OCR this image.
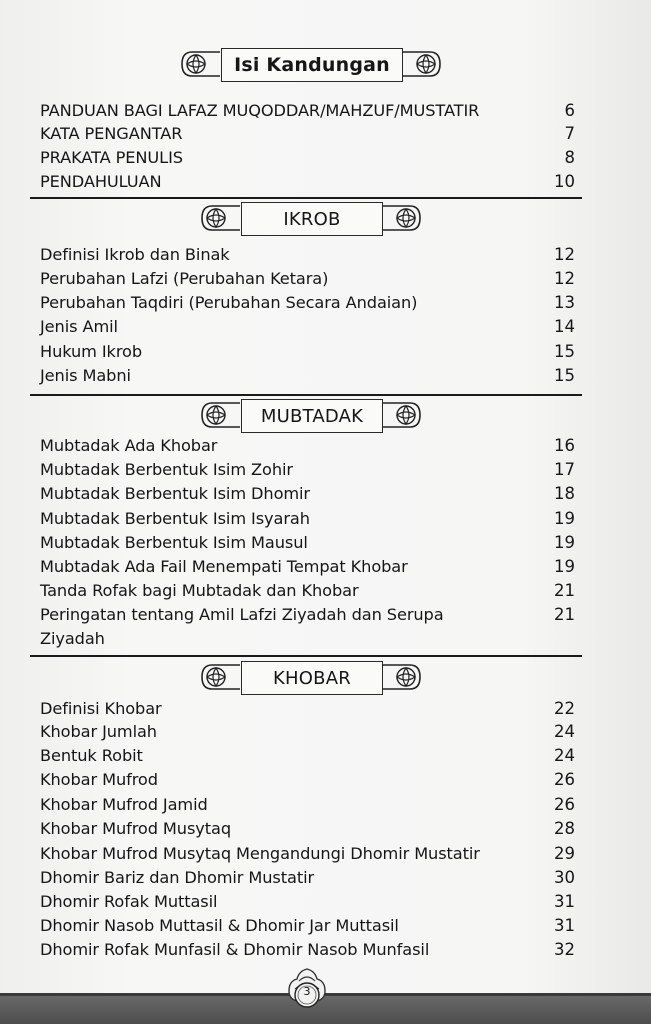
Isi Kandungan
PANDUAN BAGI LAFAZ MUQODDAR/MAHZUF/MUSTATIR	6
KATA PENGANTAR	7
PRAKATA PENULIS	8
PENDAHULUAN	10
IKROB
Definisi Ikrob dan Binak	12
Perubahan Lafzi (Perubahan Ketara)	12
Perubahan Taqdiri (Perubahan Secara Andaian)	13
Jenis Amil	14
Hukum Ikrob	15
Jenis Mabni	15
MUBTADAK
Mubtadak Ada Khobar	16
Mubtadak Berbentuk Isim Zohir	17
Mubtadak Berbentuk Isim Dhomir	18
Mubtadak Berbentuk Isim Isyarah	19
Mubtadak Berbentuk Isim Mausul	19
Mubtadak Ada Fail Menempati Tempat Khobar	19
Tanda Rofak bagi Mubtadak dan Khobar	21
Peringatan tentang Amil Lafzi Ziyadah dan Serupa	21
Ziyadah
KHOBAR
Definisi Khobar	22
Khobar Jumlah	24
Bentuk Robit	24
Khobar Mufrod	26
Khobar Mufrod Jamid	26
Khobar Mufrod Musytaq	28
Khobar Mufrod Musytaq Mengandungi Dhomir Mustatir	29
Dhomir Bariz dan Dhomir Mustatir	30
Dhomir Rofak Muttasil	31
Dhomir Nasob Muttasil & Dhomir Jar Muttasil	31
Dhomir Rofak Munfasil & Dhomir Nasob Munfasil	32
3
